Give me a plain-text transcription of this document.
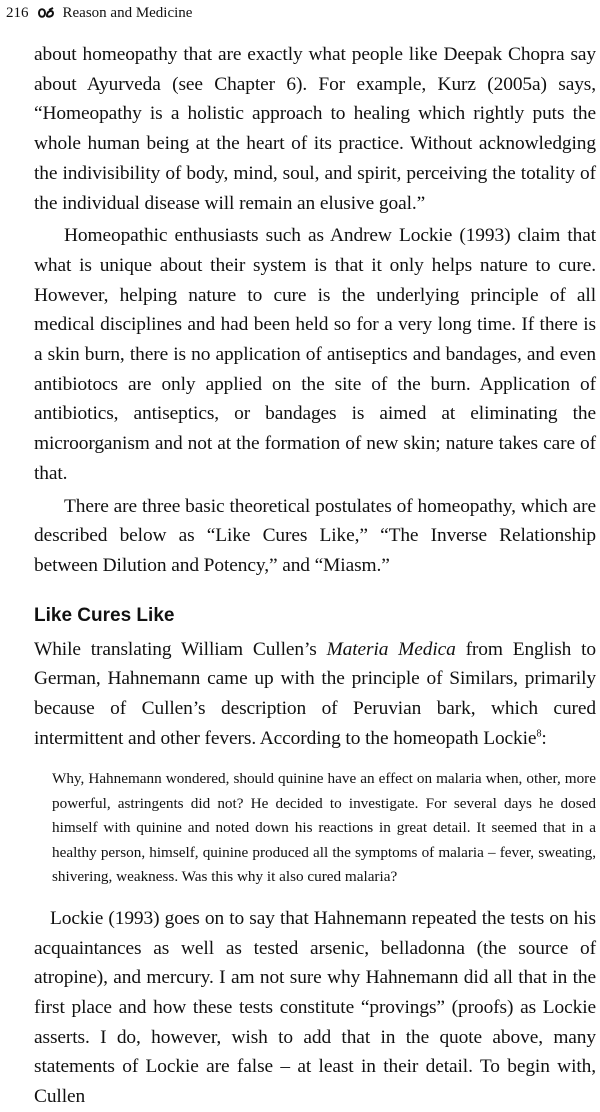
216 Reason and Medicine

about homeopathy that are exactly what people like Deepak Chopra say about Ayurveda (see Chapter 6). For example, Kurz (2005a) says, “Homeopathy is a holistic approach to healing which rightly puts the whole human being at the heart of its practice. Without acknowledging the indivisibility of body, mind, soul, and spirit, perceiving the totality of the individual disease will remain an elusive goal.”

Homeopathic enthusiasts such as Andrew Lockie (1993) claim that what is unique about their system is that it only helps nature to cure. However, helping nature to cure is the underlying principle of all medical disciplines and had been held so for a very long time. If there is a skin burn, there is no application of antiseptics and bandages, and even antibiotocs are only applied on the site of the burn. Application of antibiotics, antiseptics, or bandages is aimed at eliminating the microorganism and not at the formation of new skin; nature takes care of that.

There are three basic theoretical postulates of homeopathy, which are described below as “Like Cures Like,” “The Inverse Relationship between Dilution and Potency,” and “Miasm.”

Like Cures Like

While translating William Cullen’s Materia Medica from English to German, Hahnemann came up with the principle of Similars, primarily because of Cullen’s description of Peruvian bark, which cured intermittent and other fevers. According to the homeopath Lockie$^8$:

Why, Hahnemann wondered, should quinine have an effect on malaria when, other, more powerful, astringents did not? He decided to investigate. For several days he dosed himself with quinine and noted down his reactions in great detail. It seemed that in a healthy person, himself, quinine produced all the symptoms of malaria – fever, sweating, shivering, weakness. Was this why it also cured malaria?

Lockie (1993) goes on to say that Hahnemann repeated the tests on his acquaintances as well as tested arsenic, belladonna (the source of atropine), and mercury. I am not sure why Hahnemann did all that in the first place and how these tests constitute “provings” (proofs) as Lockie asserts. I do, however, wish to add that in the quote above, many statements of Lockie are false – at least in their detail. To begin with, Cullen
